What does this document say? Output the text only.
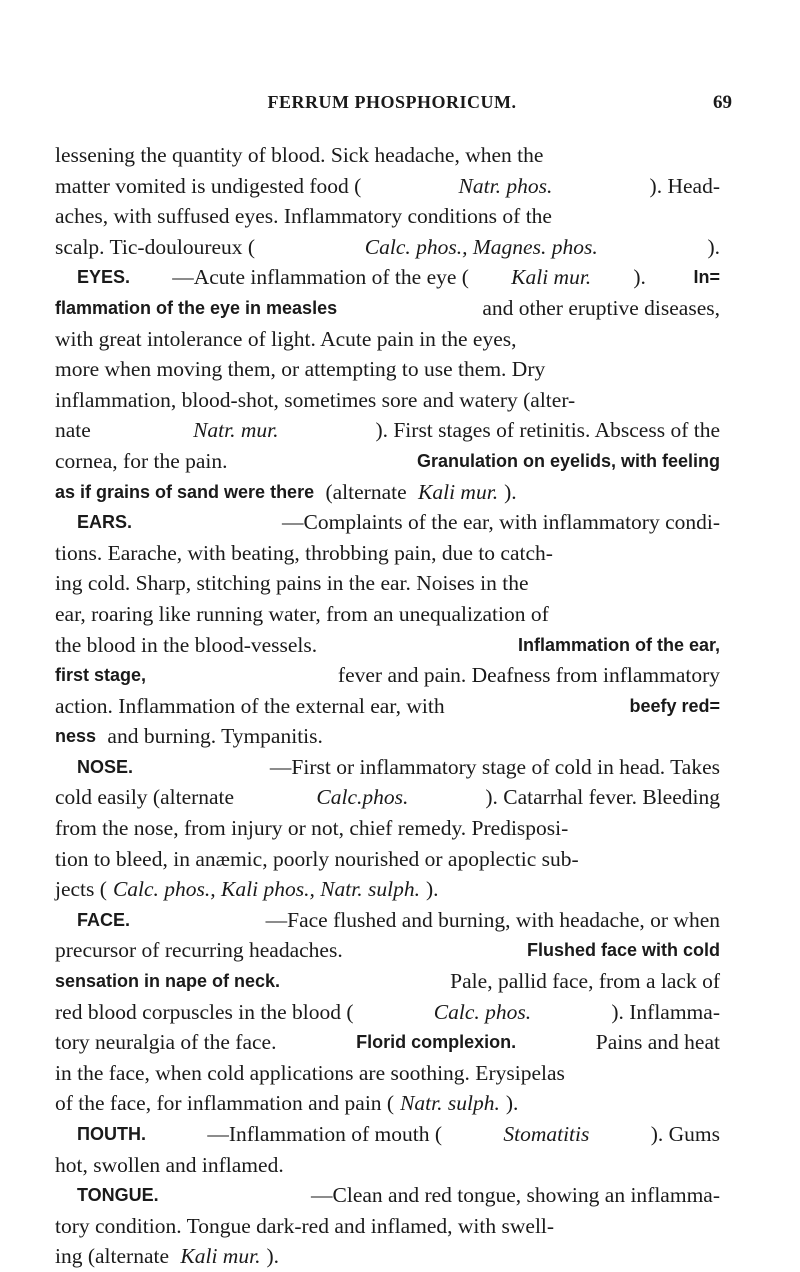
FERRUM PHOSPHORICUM.	69
lessening the quantity of blood. Sick headache, when the
matter vomited is undigested food (	Natr. phos.	). Head-
aches, with suffused eyes. Inflammatory conditions of the
scalp. Tic-douloureux (	Calc. phos., Magnes. phos.	).
EYES. —Acute inflammation of the eye ( Kali mur. ). In=
flammation of the eye in measles	and other eruptive diseases,
with great intolerance of light. Acute pain in the eyes,
more when moving them, or attempting to use them. Dry
inflammation, blood-shot, sometimes sore and watery (alter-
nate	Natr. mur.	). First stages of retinitis. Abscess of the
cornea, for the pain.	Granulation on eyelids, with feeling
as if grains of sand were there (alternate Kali mur. ).
EARS.	—Complaints of the ear, with inflammatory condi-
tions. Earache, with beating, throbbing pain, due to catch-
ing cold. Sharp, stitching pains in the ear. Noises in the
ear, roaring like running water, from an unequalization of
the blood in the blood-vessels.	Inflammation of the ear,
first stage,	fever and pain. Deafness from inflammatory
action. Inflammation of the external ear, with	beefy red=
ness and burning. Tympanitis.
NOSE.	—First or inflammatory stage of cold in head. Takes
cold easily (alternate	Calc.phos.	). Catarrhal fever. Bleeding
from the nose, from injury or not, chief remedy. Predisposi-
tion to bleed, in anæmic, poorly nourished or apoplectic sub-
jects ( Calc. phos., Kali phos., Natr. sulph. ).
FACE.	—Face flushed and burning, with headache, or when
precursor of recurring headaches.	Flushed face with cold
sensation in nape of neck.	Pale, pallid face, from a lack of
red blood corpuscles in the blood (	Calc. phos.	). Inflamma-
tory neuralgia of the face.	Florid complexion.	Pains and heat
in the face, when cold applications are soothing. Erysipelas
of the face, for inflammation and pain ( Natr. sulph. ).
ΠOUTH.	—Inflammation of mouth (	Stomatitis	). Gums
hot, swollen and inflamed.
TONGUE.	—Clean and red tongue, showing an inflamma-
tory condition. Tongue dark-red and inflamed, with swell-
ing (alternate Kali mur. ).
